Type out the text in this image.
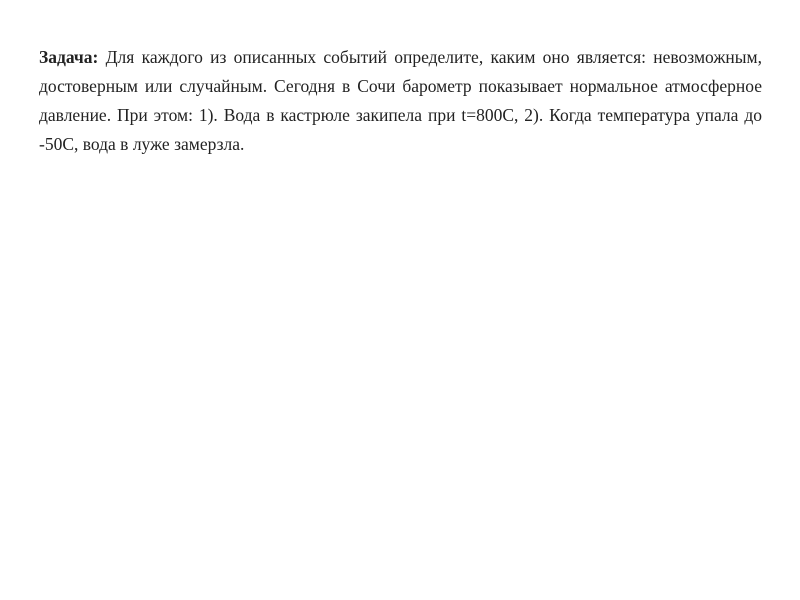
Задача: Для каждого из описанных событий определите, каким оно является: невозможным, достоверным или случайным. Сегодня в Сочи барометр показывает нормальное атмосферное давление. При этом: 1). Вода в кастрюле закипела при t=800С, 2). Когда температура упала до -50С, вода в луже замерзла.
